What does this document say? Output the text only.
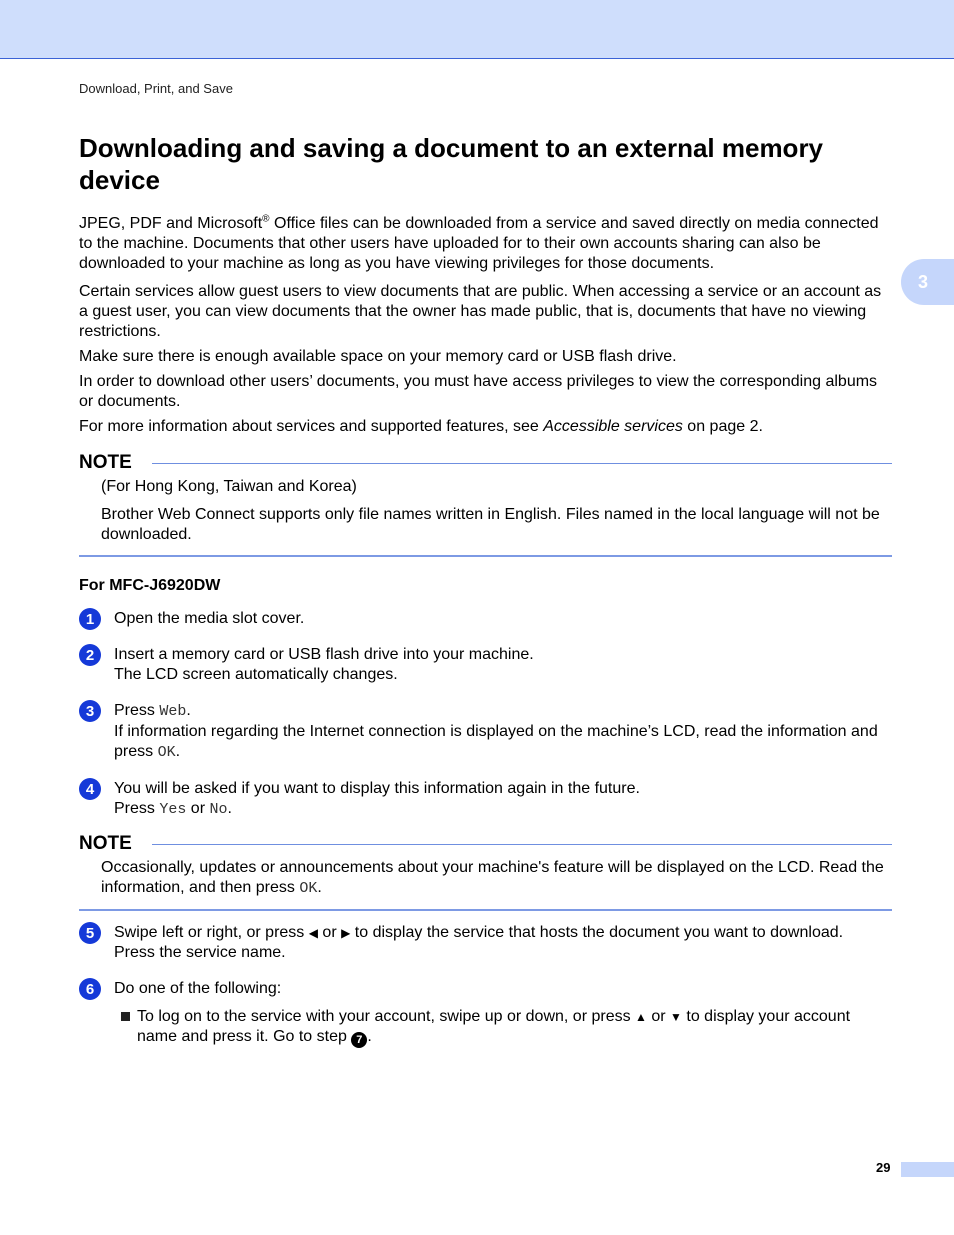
Download, Print, and Save
3
Downloading and saving a document to an external memory device

JPEG, PDF and Microsoft® Office files can be downloaded from a service and saved directly on media connected to the machine. Documents that other users have uploaded for to their own accounts sharing can also be downloaded to your machine as long as you have viewing privileges for those documents.

Certain services allow guest users to view documents that are public. When accessing a service or an account as a guest user, you can view documents that the owner has made public, that is, documents that have no viewing restrictions.

Make sure there is enough available space on your memory card or USB flash drive.

In order to download other users’ documents, you must have access privileges to view the corresponding albums or documents.

For more information about services and supported features, see Accessible services on page 2.

NOTE

(For Hong Kong, Taiwan and Korea)

Brother Web Connect supports only file names written in English. Files named in the local language will not be downloaded.

For MFC-J6920DW
1	Open the media slot cover.

2	Insert a memory card or USB flash drive into your machine.

The LCD screen automatically changes.

3	Press Web.

If information regarding the Internet connection is displayed on the machine’s LCD, read the information and press OK.

4	You will be asked if you want to display this information again in the future.

Press Yes or No.

NOTE

Occasionally, updates or announcements about your machine's feature will be displayed on the LCD. Read the information, and then press OK.

5	Swipe left or right, or press ◀ or ▶ to display the service that hosts the document you want to download.

Press the service name.

6	Do one of the following:

To log on to the service with your account, swipe up or down, or press ▲ or ▼ to display your account name and press it. Go to step 7 .

29
